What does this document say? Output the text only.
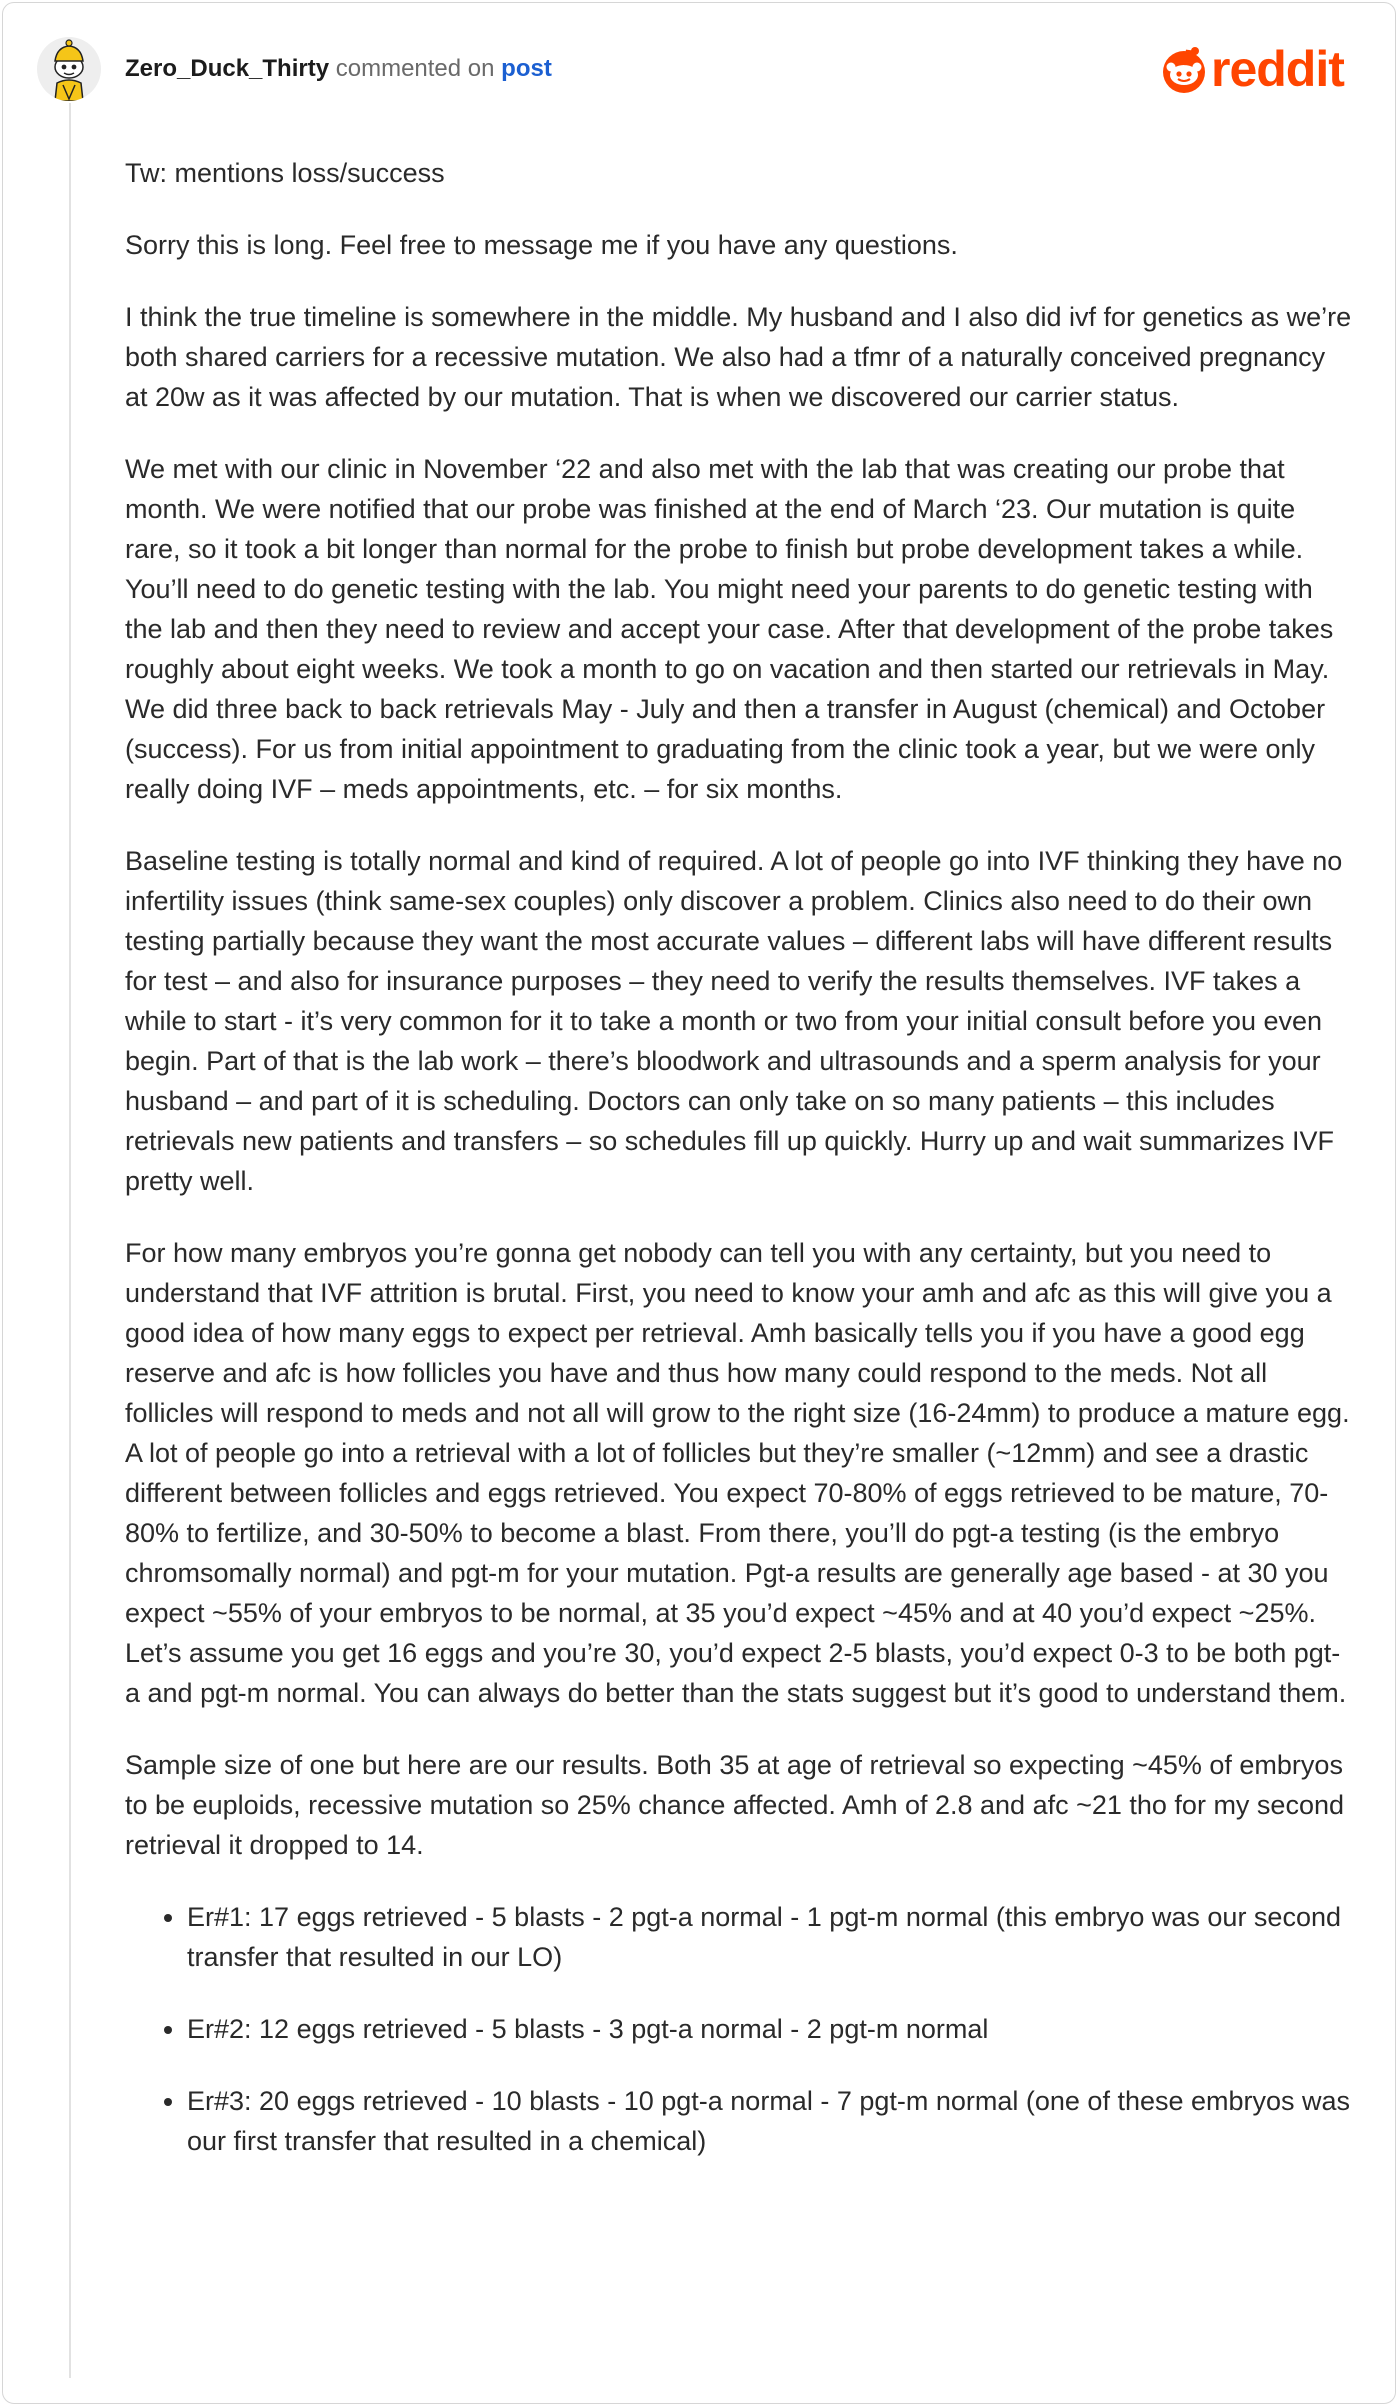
Zero_Duck_Thirty commented on post	reddit

Tw: mentions loss/success

Sorry this is long. Feel free to message me if you have any questions.

I think the true timeline is somewhere in the middle. My husband and I also did ivf for genetics as we’re both shared carriers for a recessive mutation. We also had a tfmr of a naturally conceived pregnancy at 20w as it was affected by our mutation. That is when we discovered our carrier status.

We met with our clinic in November ‘22 and also met with the lab that was creating our probe that month. We were notified that our probe was finished at the end of March ‘23. Our mutation is quite rare, so it took a bit longer than normal for the probe to finish but probe development takes a while. You’ll need to do genetic testing with the lab. You might need your parents to do genetic testing with the lab and then they need to review and accept your case. After that development of the probe takes roughly about eight weeks. We took a month to go on vacation and then started our retrievals in May. We did three back to back retrievals May - July and then a transfer in August (chemical) and October (success). For us from initial appointment to graduating from the clinic took a year, but we were only really doing IVF – meds appointments, etc. – for six months.

Baseline testing is totally normal and kind of required. A lot of people go into IVF thinking they have no infertility issues (think same-sex couples) only discover a problem. Clinics also need to do their own testing partially because they want the most accurate values – different labs will have different results for test – and also for insurance purposes – they need to verify the results themselves. IVF takes a while to start - it’s very common for it to take a month or two from your initial consult before you even begin. Part of that is the lab work – there’s bloodwork and ultrasounds and a sperm analysis for your husband – and part of it is scheduling. Doctors can only take on so many patients – this includes retrievals new patients and transfers – so schedules fill up quickly. Hurry up and wait summarizes IVF pretty well.

For how many embryos you’re gonna get nobody can tell you with any certainty, but you need to understand that IVF attrition is brutal. First, you need to know your amh and afc as this will give you a good idea of how many eggs to expect per retrieval. Amh basically tells you if you have a good egg reserve and afc is how follicles you have and thus how many could respond to the meds. Not all follicles will respond to meds and not all will grow to the right size (16-24mm) to produce a mature egg. A lot of people go into a retrieval with a lot of follicles but they’re smaller (~12mm) and see a drastic different between follicles and eggs retrieved. You expect 70-80% of eggs retrieved to be mature, 70-80% to fertilize, and 30-50% to become a blast. From there, you’ll do pgt-a testing (is the embryo chromsomally normal) and pgt-m for your mutation. Pgt-a results are generally age based - at 30 you expect ~55% of your embryos to be normal, at 35 you’d expect ~45% and at 40 you’d expect ~25%. Let’s assume you get 16 eggs and you’re 30, you’d expect 2-5 blasts, you’d expect 0-3 to be both pgt-a and pgt-m normal. You can always do better than the stats suggest but it’s good to understand them.

Sample size of one but here are our results. Both 35 at age of retrieval so expecting ~45% of embryos to be euploids, recessive mutation so 25% chance affected. Amh of 2.8 and afc ~21 tho for my second retrieval it dropped to 14.

• Er#1: 17 eggs retrieved - 5 blasts - 2 pgt-a normal - 1 pgt-m normal (this embryo was our second transfer that resulted in our LO)
• Er#2: 12 eggs retrieved - 5 blasts - 3 pgt-a normal - 2 pgt-m normal
• Er#3: 20 eggs retrieved - 10 blasts - 10 pgt-a normal - 7 pgt-m normal (one of these embryos was our first transfer that resulted in a chemical)
